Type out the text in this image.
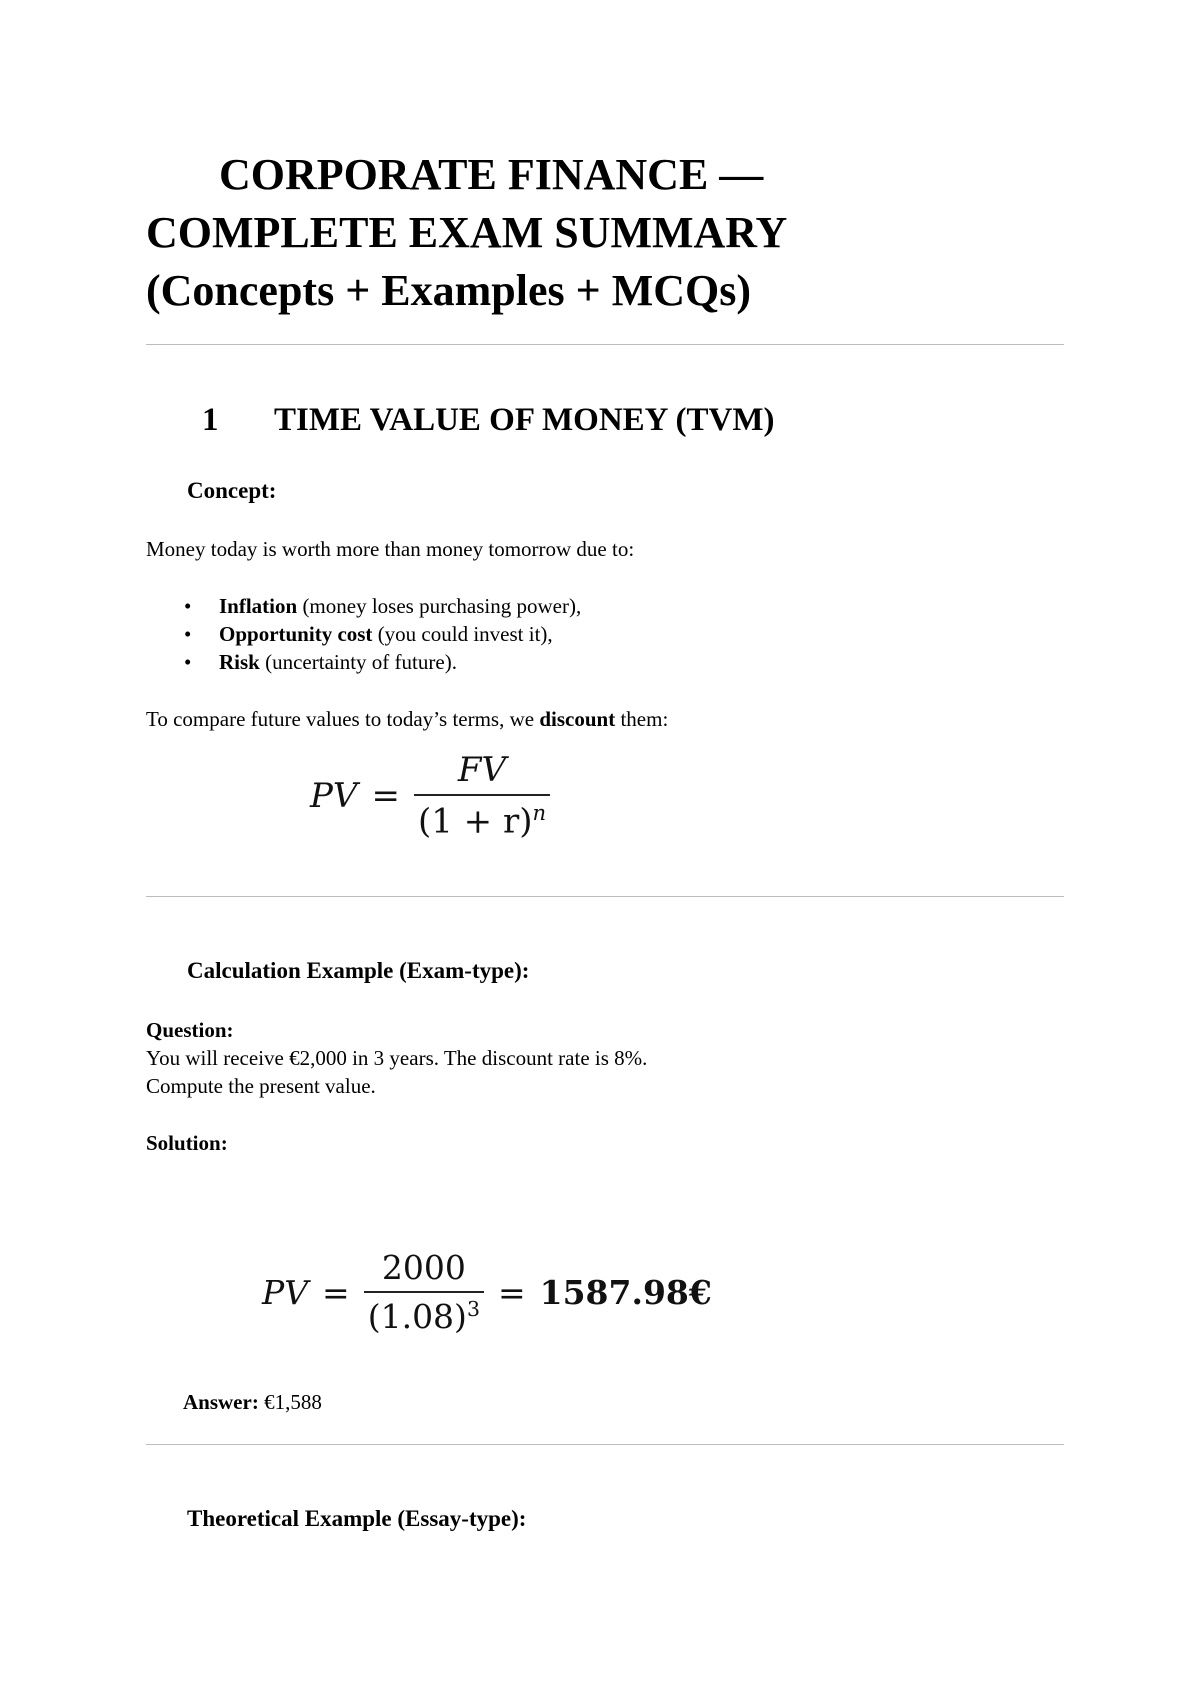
CORPORATE FINANCE —
COMPLETE EXAM SUMMARY
(Concepts + Examples + MCQs)
1 TIME VALUE OF MONEY (TVM)
Concept:

Money today is worth more than money tomorrow due to:

• Inflation (money loses purchasing power),
• Opportunity cost (you could invest it),
• Risk (uncertainty of future).

To compare future values to today’s terms, we discount them:

PV = $\frac{FV}{(1 + r)^n}$
Calculation Example (Exam-type):

Question:
You will receive €2,000 in 3 years. The discount rate is 8%.
Compute the present value.

Solution:

PV = $\frac{2000}{(1.08)^3}$ = 1587.98€

Answer: €1,588

Theoretical Example (Essay-type):
